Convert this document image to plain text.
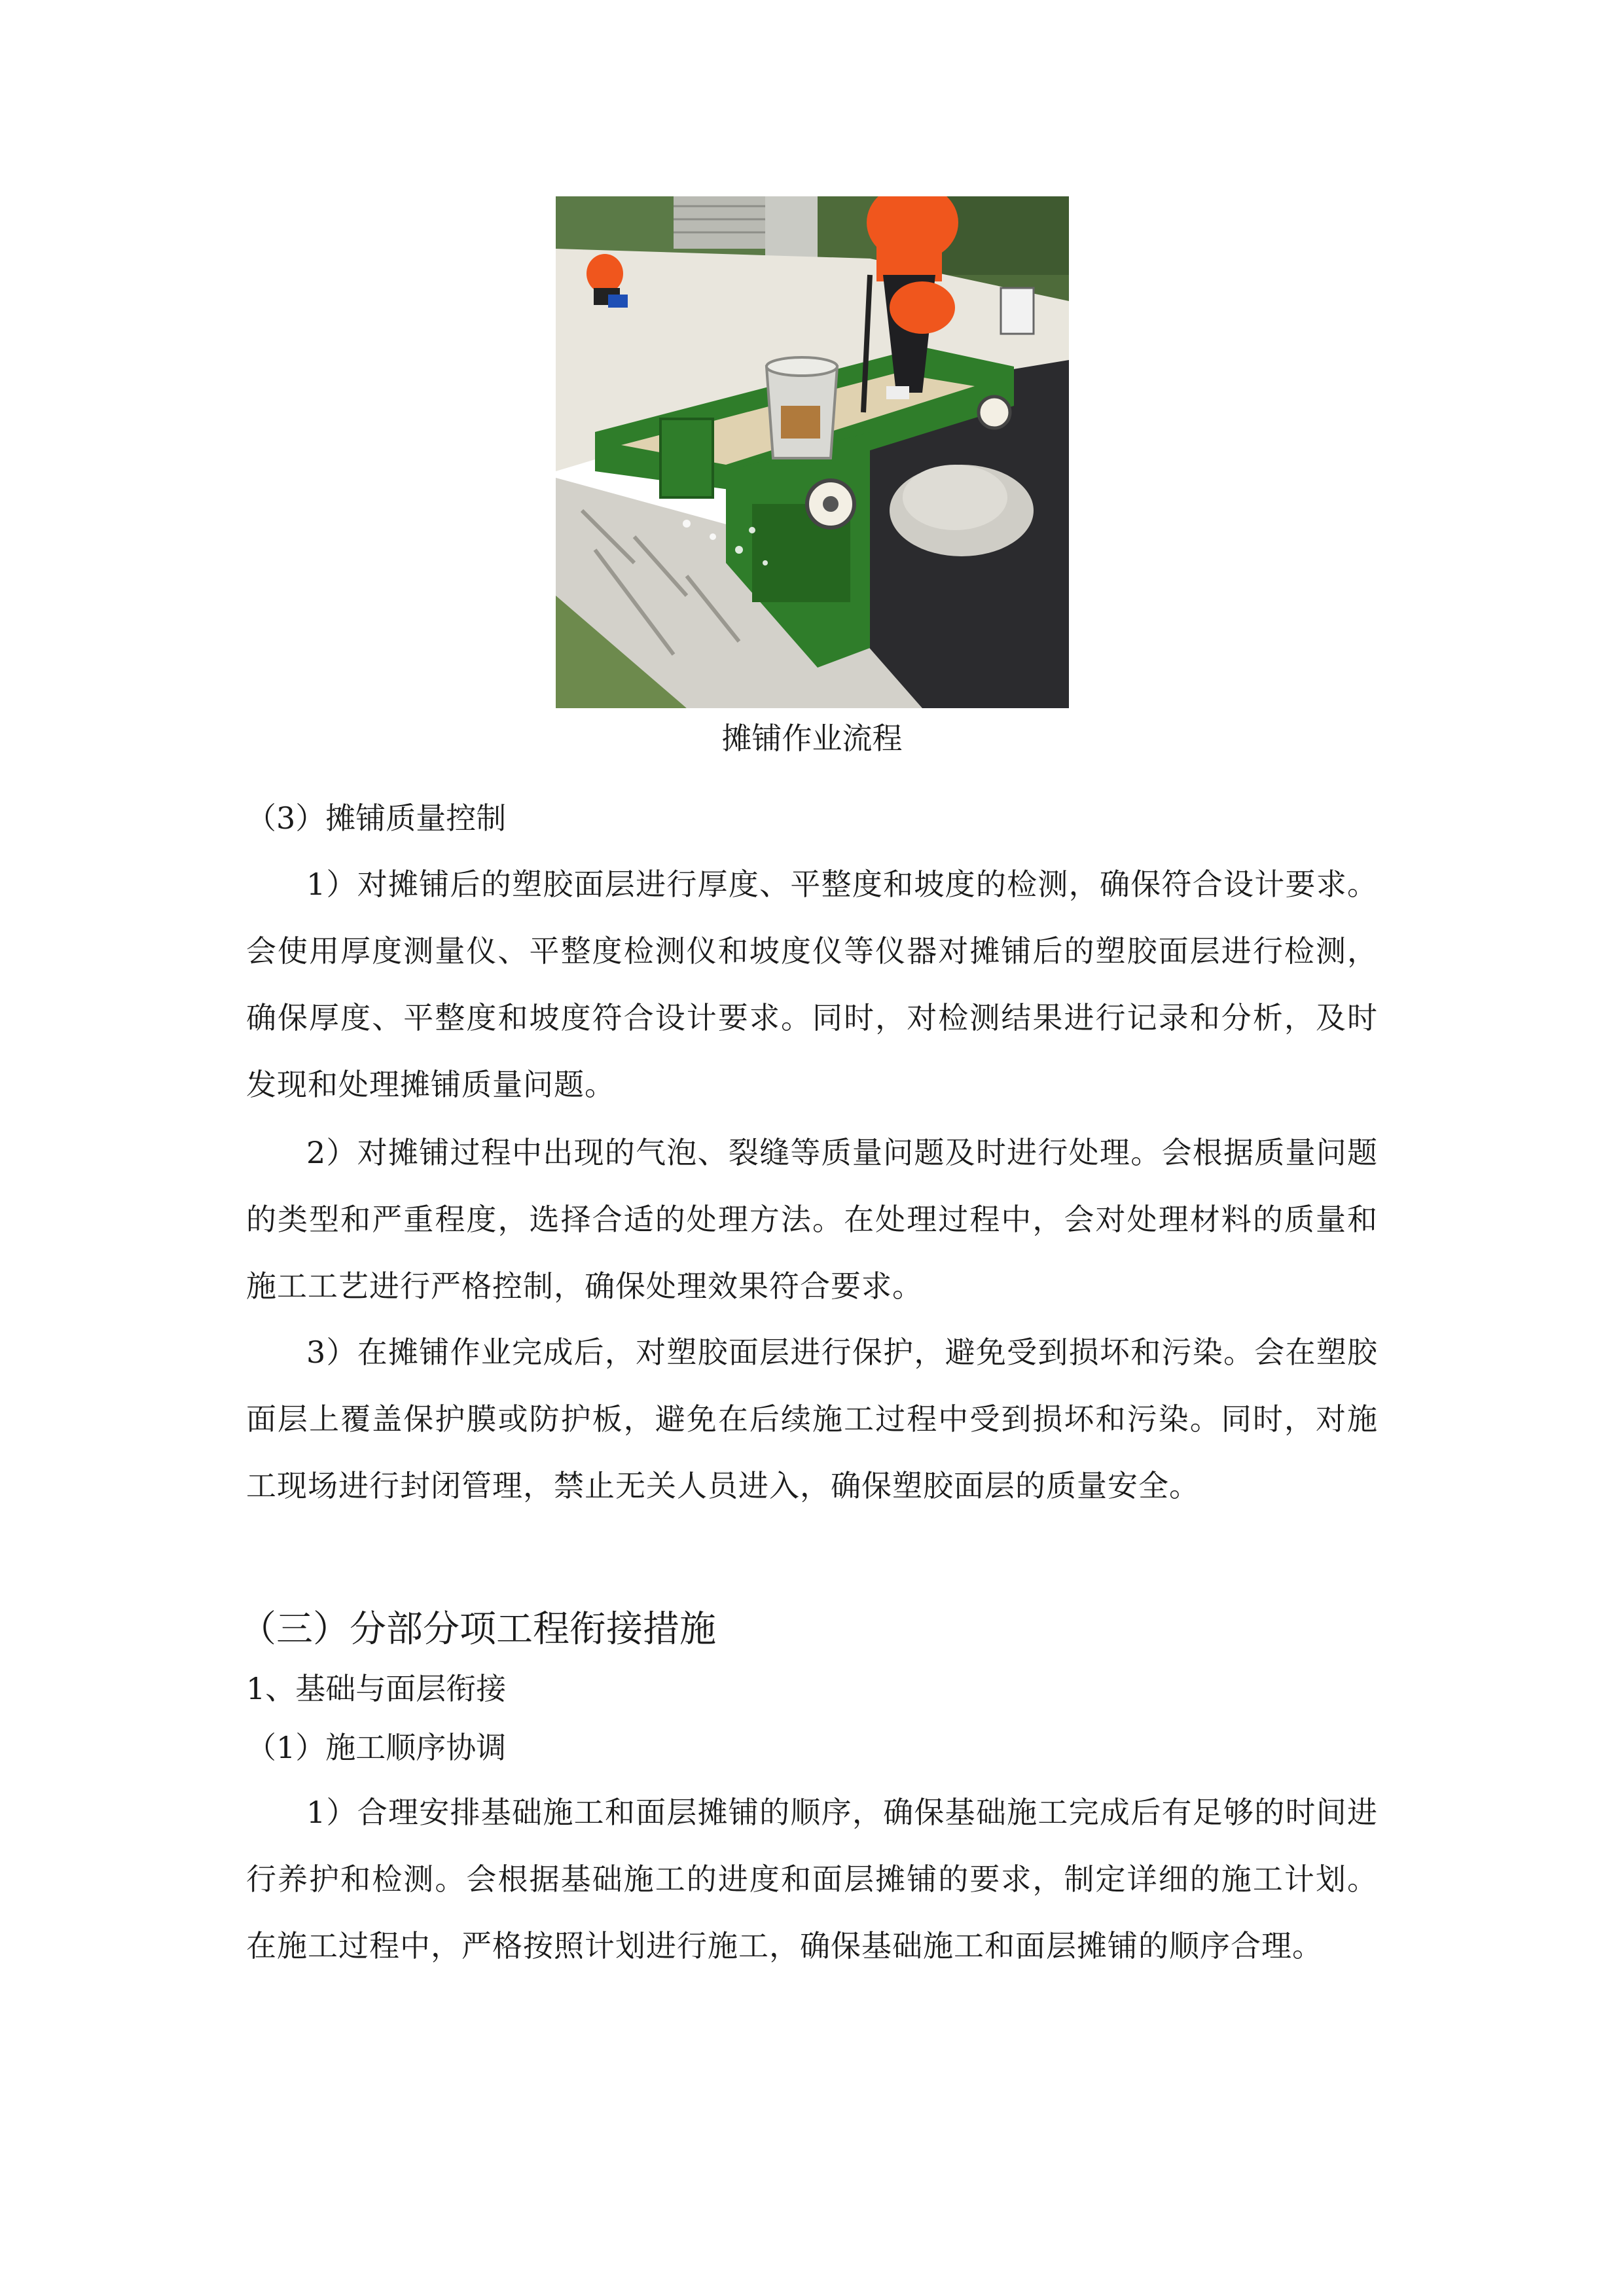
摊铺作业流程

（3）摊铺质量控制

1）对摊铺后的塑胶面层进行厚度、平整度和坡度的检测，确保符合设计要求。会使用厚度测量仪、平整度检测仪和坡度仪等仪器对摊铺后的塑胶面层进行检测，确保厚度、平整度和坡度符合设计要求。同时，对检测结果进行记录和分析，及时发现和处理摊铺质量问题。

2）对摊铺过程中出现的气泡、裂缝等质量问题及时进行处理。会根据质量问题的类型和严重程度，选择合适的处理方法。在处理过程中，会对处理材料的质量和施工工艺进行严格控制，确保处理效果符合要求。

3）在摊铺作业完成后，对塑胶面层进行保护，避免受到损坏和污染。会在塑胶面层上覆盖保护膜或防护板，避免在后续施工过程中受到损坏和污染。同时，对施工现场进行封闭管理，禁止无关人员进入，确保塑胶面层的质量安全。

（三）分部分项工程衔接措施

1、基础与面层衔接

（1）施工顺序协调

1）合理安排基础施工和面层摊铺的顺序，确保基础施工完成后有足够的时间进行养护和检测。会根据基础施工的进度和面层摊铺的要求，制定详细的施工计划。在施工过程中，严格按照计划进行施工，确保基础施工和面层摊铺的顺序合理。
